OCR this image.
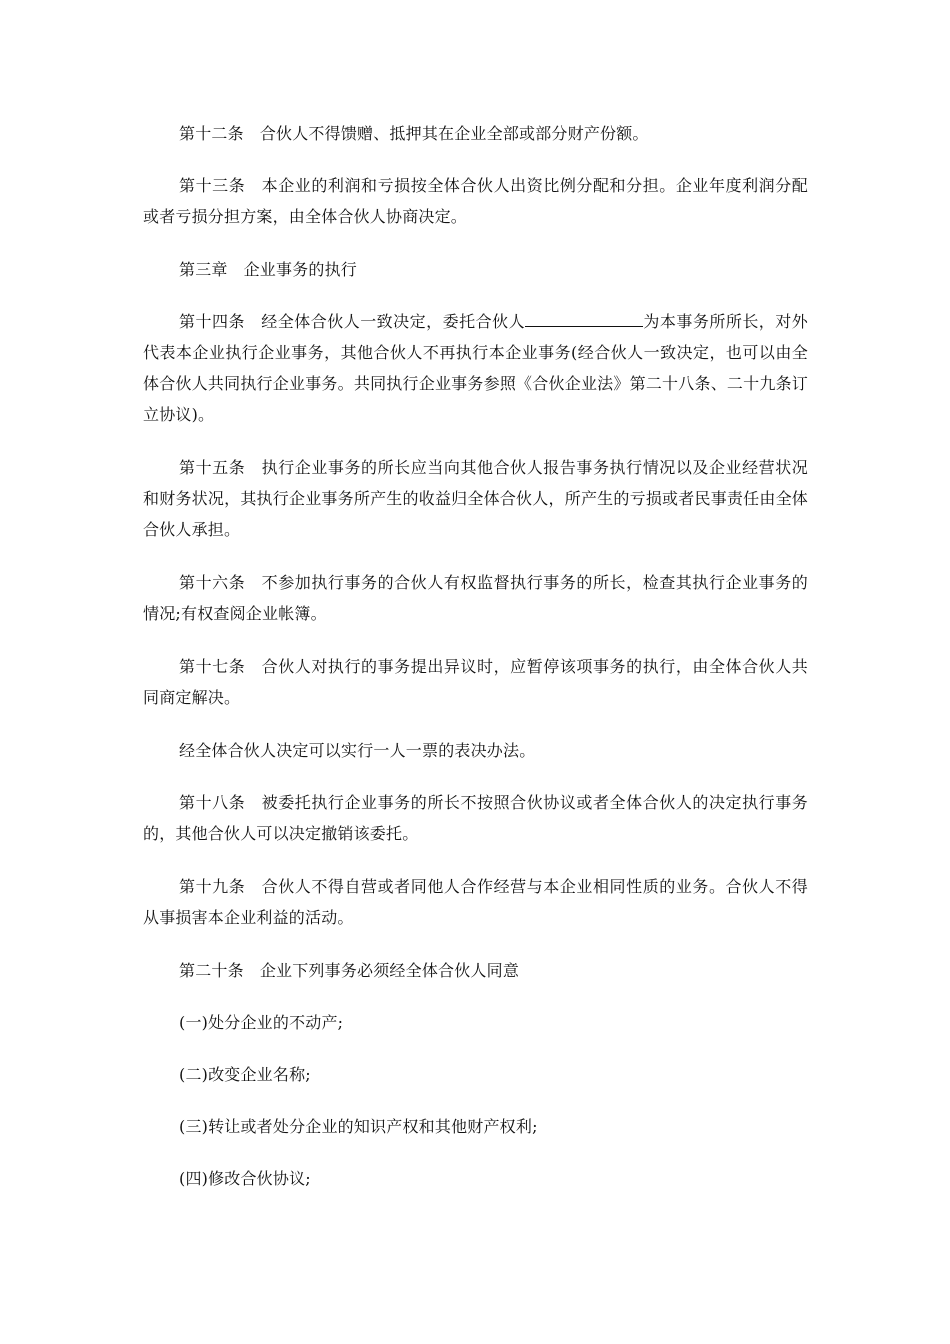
第十二条 合伙人不得馈赠、抵押其在企业全部或部分财产份额。

第十三条 本企业的利润和亏损按全体合伙人出资比例分配和分担。企业年度利润分配或者亏损分担方案，由全体合伙人协商决定。

第三章 企业事务的执行

第十四条 经全体合伙人一致决定，委托合伙人	为本事务所所长，对外代表本企业执行企业事务，其他合伙人不再执行本企业事务(经合伙人一致决定，也可以由全体合伙人共同执行企业事务。共同执行企业事务参照《合伙企业法》第二十八条、二十九条订立协议)。

第十五条 执行企业事务的所长应当向其他合伙人报告事务执行情况以及企业经营状况和财务状况，其执行企业事务所产生的收益归全体合伙人，所产生的亏损或者民事责任由全体合伙人承担。

第十六条 不参加执行事务的合伙人有权监督执行事务的所长，检查其执行企业事务的情况;有权查阅企业帐簿。

第十七条 合伙人对执行的事务提出异议时，应暂停该项事务的执行，由全体合伙人共同商定解决。

经全体合伙人决定可以实行一人一票的表决办法。

第十八条 被委托执行企业事务的所长不按照合伙协议或者全体合伙人的决定执行事务的，其他合伙人可以决定撤销该委托。

第十九条 合伙人不得自营或者同他人合作经营与本企业相同性质的业务。合伙人不得从事损害本企业利益的活动。

第二十条 企业下列事务必须经全体合伙人同意

(一)处分企业的不动产;

(二)改变企业名称;

(三)转让或者处分企业的知识产权和其他财产权利;

(四)修改合伙协议;
